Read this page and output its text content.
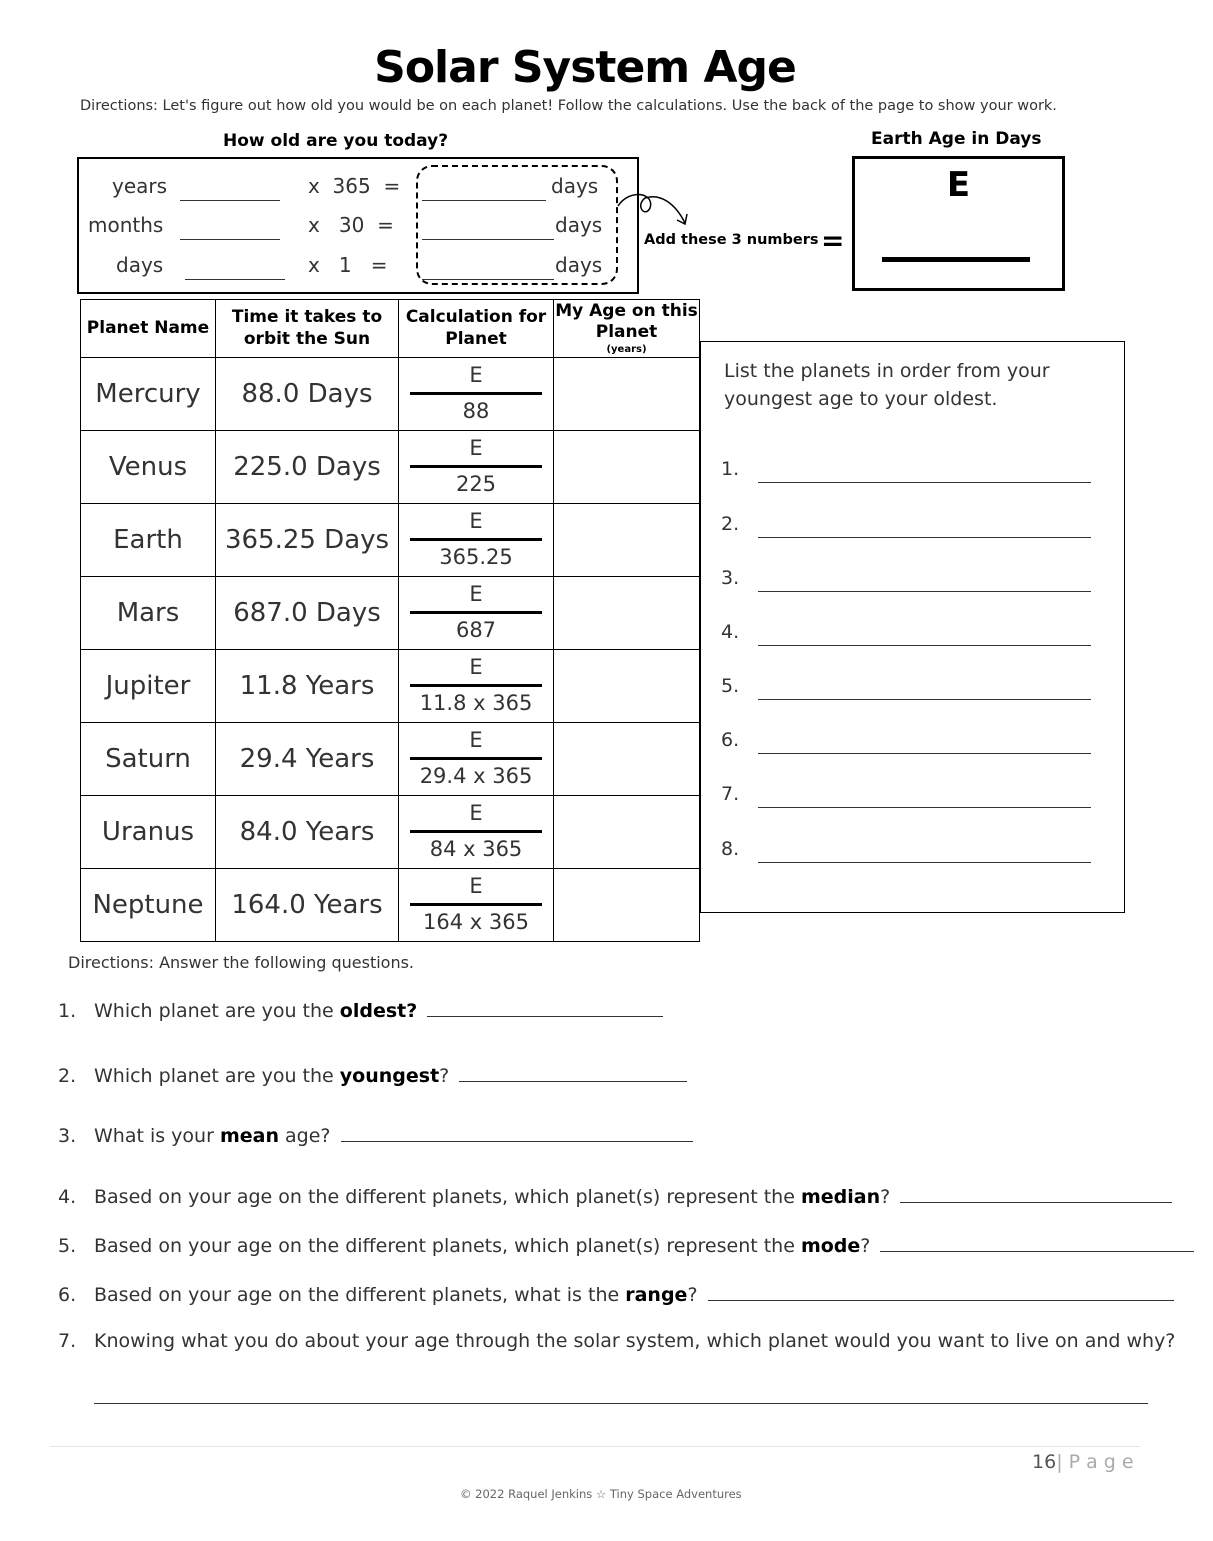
Solar System Age
Directions: Let's figure out how old you would be on each planet! Follow the calculations. Use the back of the page to show your work.
How old are you today?
years	x  365  =	days
months	x   30  =	days
days	x   1   =	days
Add these 3 numbers =
Earth Age in Days
E
Planet Name	Time it takes to orbit the Sun	Calculation for Planet	My Age on this Planet
(years)

Mercury	88.0 Days	$\frac{E}{88}$

Venus	225.0 Days	$\frac{E}{225}$

Earth	365.25 Days	$\frac{E}{365.25}$

Mars	687.0 Days	$\frac{E}{687}$

Jupiter	11.8 Years	$\frac{E}{11.8 x 365}$

Saturn	29.4 Years	$\frac{E}{29.4 x 365}$

Uranus	84.0 Years	$\frac{E}{84 x 365}$

Neptune	164.0 Years	$\frac{E}{164 x 365}$

List the planets in order from your youngest age to your oldest.
1.
2.
3.
4.
5.
6.
7.
8.
Directions: Answer the following questions.
1. Which planet are you the oldest?
2. Which planet are you the youngest?
3. What is your mean age?
4. Based on your age on the different planets, which planet(s) represent the median?
5. Based on your age on the different planets, which planet(s) represent the mode?
6. Based on your age on the different planets, what is the range?
7. Knowing what you do about your age through the solar system, which planet would you want to live on and why?
16| P a g e
© 2022 Raquel Jenkins ☆ Tiny Space Adventures
